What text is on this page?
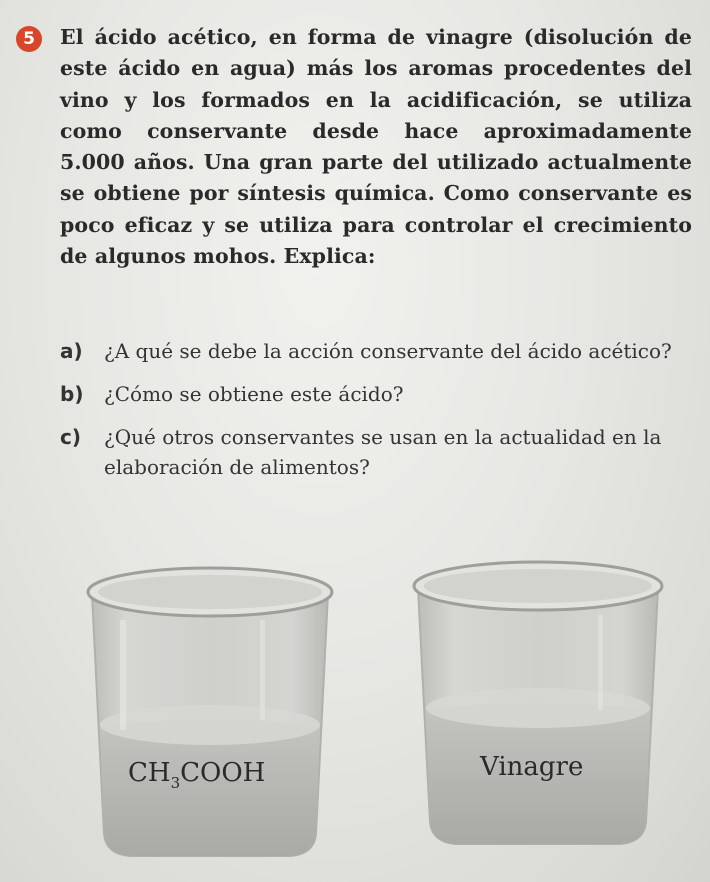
5	El ácido acético, en forma de vinagre (disolución de este ácido en agua) más los aromas procedentes del vino y los formados en la acidificación, se utiliza como conservante desde hace aproximadamente 5.000 años. Una gran parte del utilizado actualmente se obtiene por síntesis química. Como conservante es poco eficaz y se utiliza para controlar el crecimiento de algunos mohos. Explica:

a) ¿A qué se debe la acción conservante del ácido acético?
b) ¿Cómo se obtiene este ácido?
c) ¿Qué otros conservantes se usan en la actualidad en la elaboración de alimentos?
$CH_3COOH$	Vinagre
